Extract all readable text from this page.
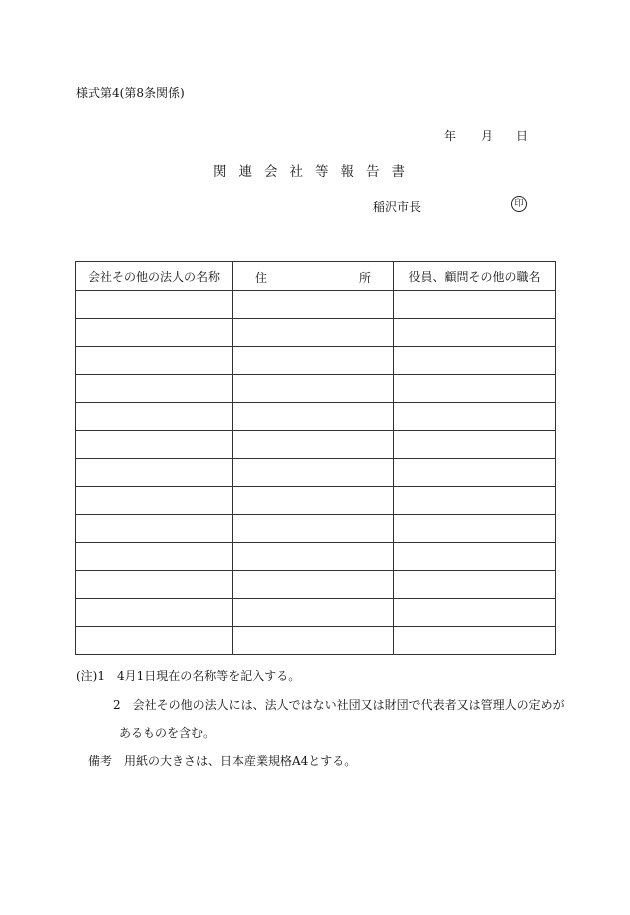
様式第4(第8条関係)
年 月 日
関連会社等報告書
稲沢市長	印
会社その他の法人の名称	住 所	役員、顧問その他の職名

(注)1　4月1日現在の名称等を記入する。
2　会社その他の法人には、法人ではない社団又は財団で代表者又は管理人の定めが
あるものを含む。
備考　用紙の大きさは、日本産業規格A4とする。
